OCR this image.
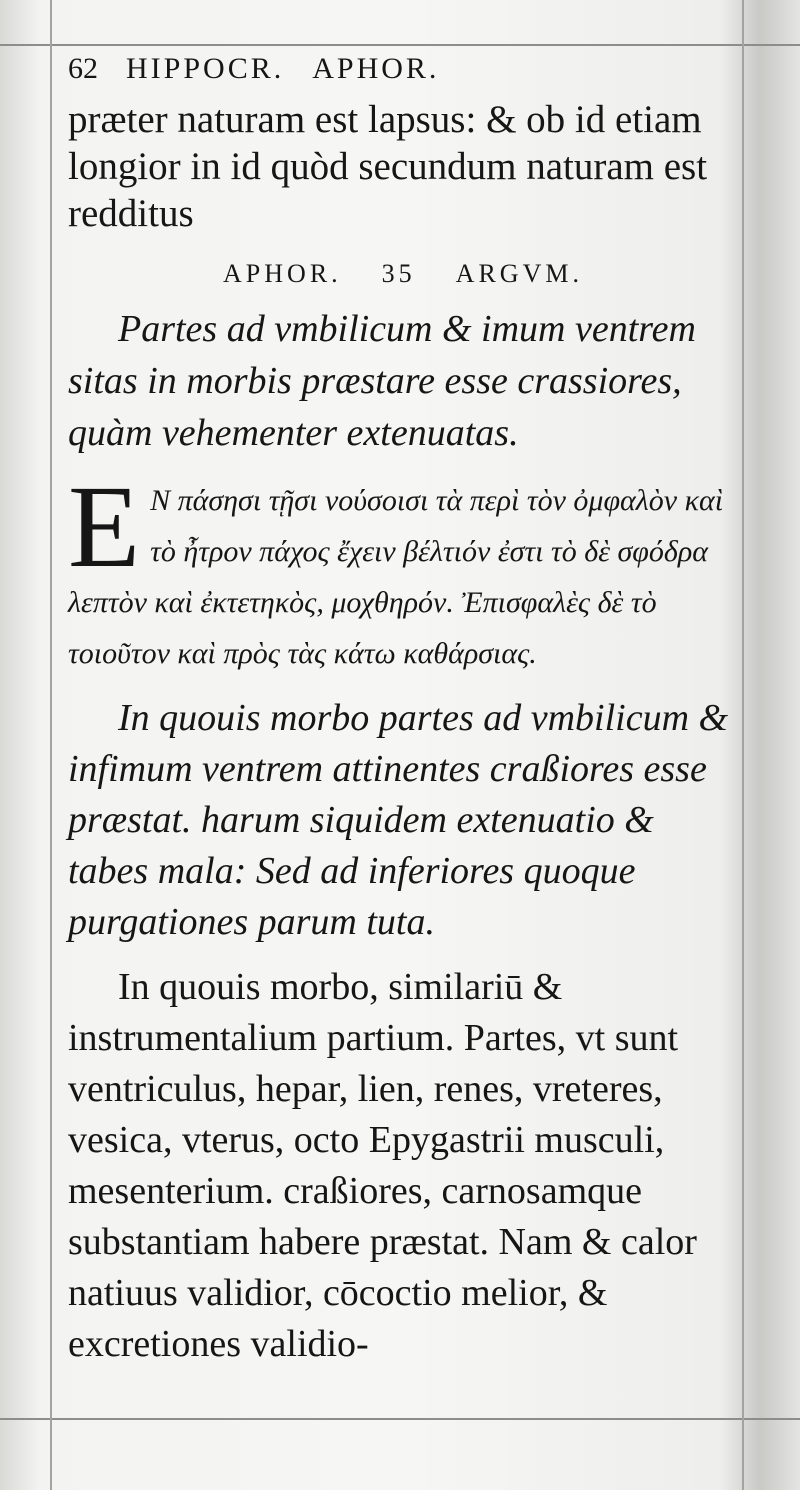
62 HIPPOCR. APHOR.

præter naturam est lapsus: & ob id etiam longior in id quòd secundum naturam est redditus

APHOR. 35 ARGVM.

Partes ad vmbilicum & imum ventrem sitas in morbis præstare esse crassiores, quàm vehementer extenuatas.

E Ν πάσησι τῇσι νούσοισι τὰ περὶ τὸν ὀμφαλὸν καὶ τὸ ἦτρον πάχος ἔχειν βέλτιόν ἐστι τὸ δὲ σφόδρα λεπτὸν καὶ ἐκτετηκὸς, μοχθηρόν. Ἐπισφαλὲς δὲ τὸ τοιοῦτον καὶ πρὸς τὰς κάτω καθάρσιας.

In quouis morbo partes ad vmbilicum & infimum ventrem attinentes craßiores esse præstat. harum siquidem extenuatio & tabes mala: Sed ad inferiores quoque purgationes parum tuta.

In quouis morbo, similariū & instrumentalium partium. Partes, vt sunt ventriculus, hepar, lien, renes, vreteres, vesica, vterus, octo Epygastrii musculi, mesenterium. craßiores, carnosamque substantiam habere præstat. Nam & calor natiuus validior, cōcoctio melior, & excretiones validio-
